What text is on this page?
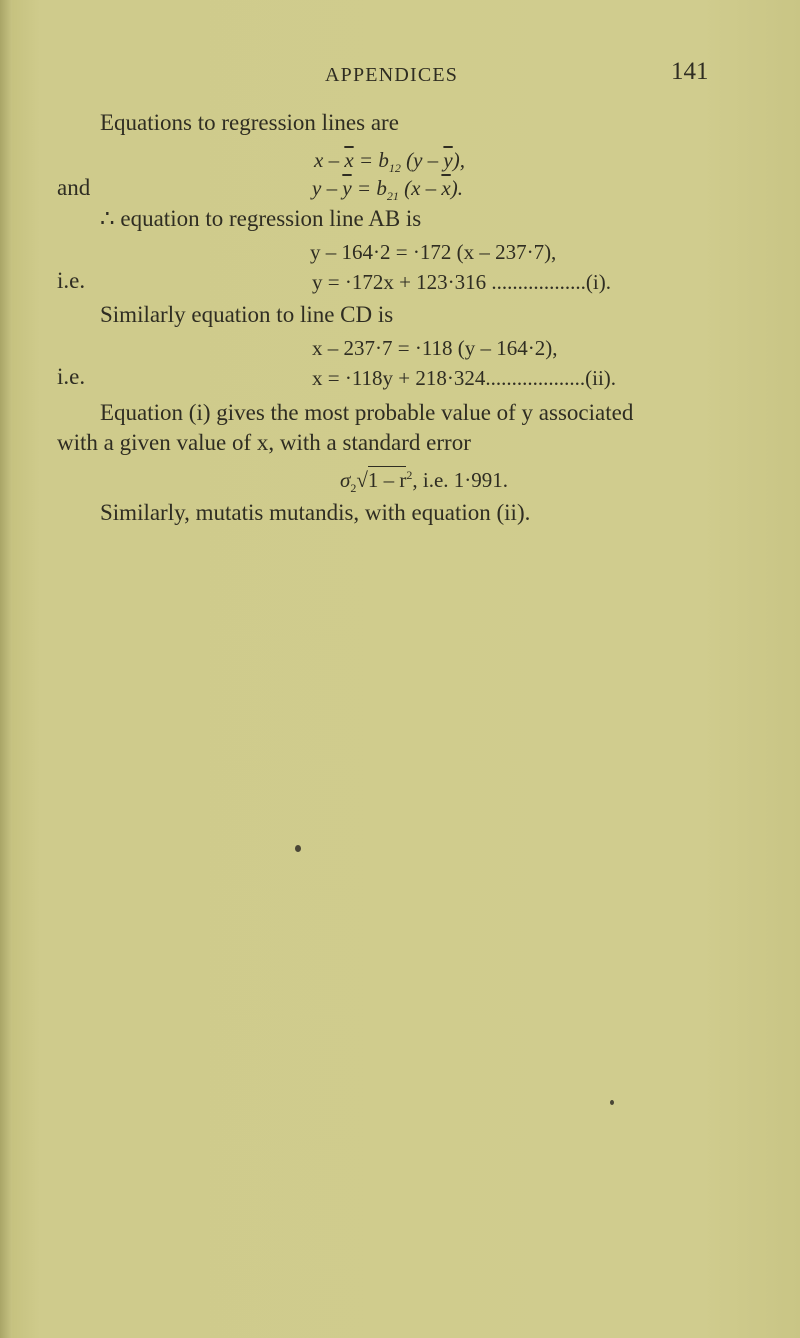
APPENDICES	141
Equations to regression lines are
$x - \overline{x} = b_{12}$ $(y - \overline{y})$,
and	$y - \overline{y} = b_{21}$ $(x - \overline{x})$.
∴ equation to regression line AB is
y – 164·2 = ·172 (x – 237·7),
i.e.	y = ·172x + 123·316 ..................(i).
Similarly equation to line CD is
x – 237·7 = ·118 (y – 164·2),
i.e.	x = ·118y + 218·324...................(ii).
Equation (i) gives the most probable value of y associated
with a given value of x, with a standard error
$\sigma_2√1 - r^2$, i.e. 1·991.
Similarly, mutatis mutandis, with equation (ii).
